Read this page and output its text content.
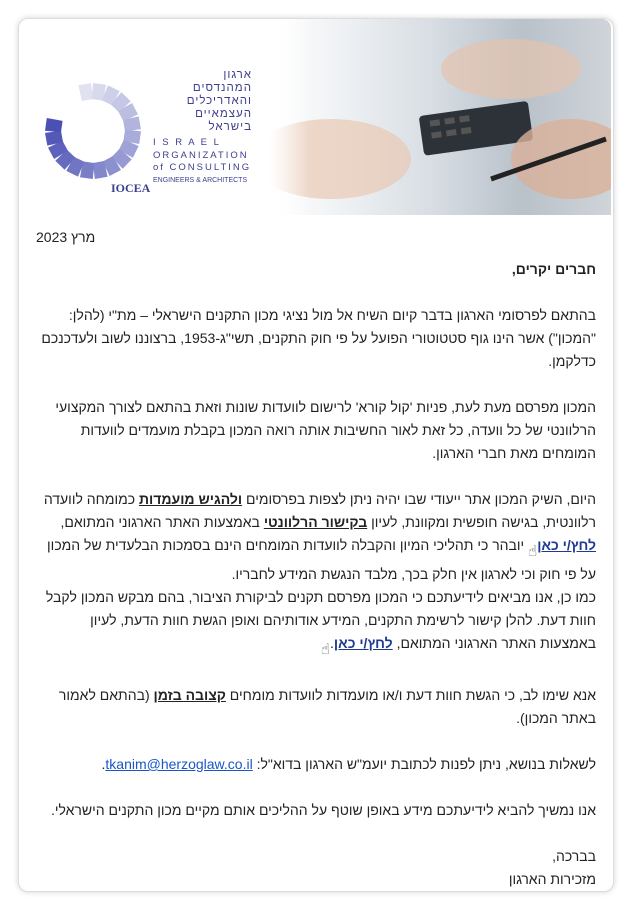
ארגון המהנדסים
והאדריכלים
העצמאיים
בישראל
I S R A E L
ORGANIZATION
of CONSULTING
ENGINEERS & ARCHITECTS
IOCEA
מרץ 2023

חברים יקרים,

בהתאם לפרסומי הארגון בדבר קיום השיח אל מול נציגי מכון התקנים הישראלי – מת"י (להלן: "המכון") אשר הינו גוף סטטוטורי הפועל על פי חוק התקנים, תשי"ג-1953, ברצוננו לשוב ולעדכנכם כדלקמן.

המכון מפרסם מעת לעת, פניות 'קול קורא' לרישום לוועדות שונות וזאת בהתאם לצורך המקצועי הרלוונטי של כל וועדה, כל זאת לאור החשיבות אותה רואה המכון בקבלת מועמדים לוועדות המומחים מאת חברי הארגון.

היום, השיק המכון אתר ייעודי שבו יהיה ניתן לצפות בפרסומים ולהגיש מועמדות כמומחה לוועדה רלוונטית, בגישה חופשית ומקוונת, לעיון בקישור הרלוונטי באמצעות האתר הארגוני המתואם, לחץ/י כאן☝ יובהר כי תהליכי המיון והקבלה לוועדות המומחים הינם בסמכות הבלעדית של המכון על פי חוק וכי לארגון אין חלק בכך, מלבד הנגשת המידע לחבריו.

כמו כן, אנו מביאים לידיעתכם כי המכון מפרסם תקנים לביקורת הציבור, בהם מבקש המכון לקבל חוות דעת. להלן קישור לרשימת התקנים, המידע אודותיהם ואופן הגשת חוות הדעת, לעיון באמצעות האתר הארגוני המתואם, לחץ/י כאן.☝

אנא שימו לב, כי הגשת חוות דעת ו/או מועמדות לוועדות מומחים קצובה בזמן (בהתאם לאמור באתר המכון).

לשאלות בנושא, ניתן לפנות לכתובת יועמ"ש הארגון בדוא"ל: tkanim@herzoglaw.co.il.

אנו נמשיך להביא לידיעתכם מידע באופן שוטף על ההליכים אותם מקיים מכון התקנים הישראלי.

בברכה,

מזכירות הארגון
